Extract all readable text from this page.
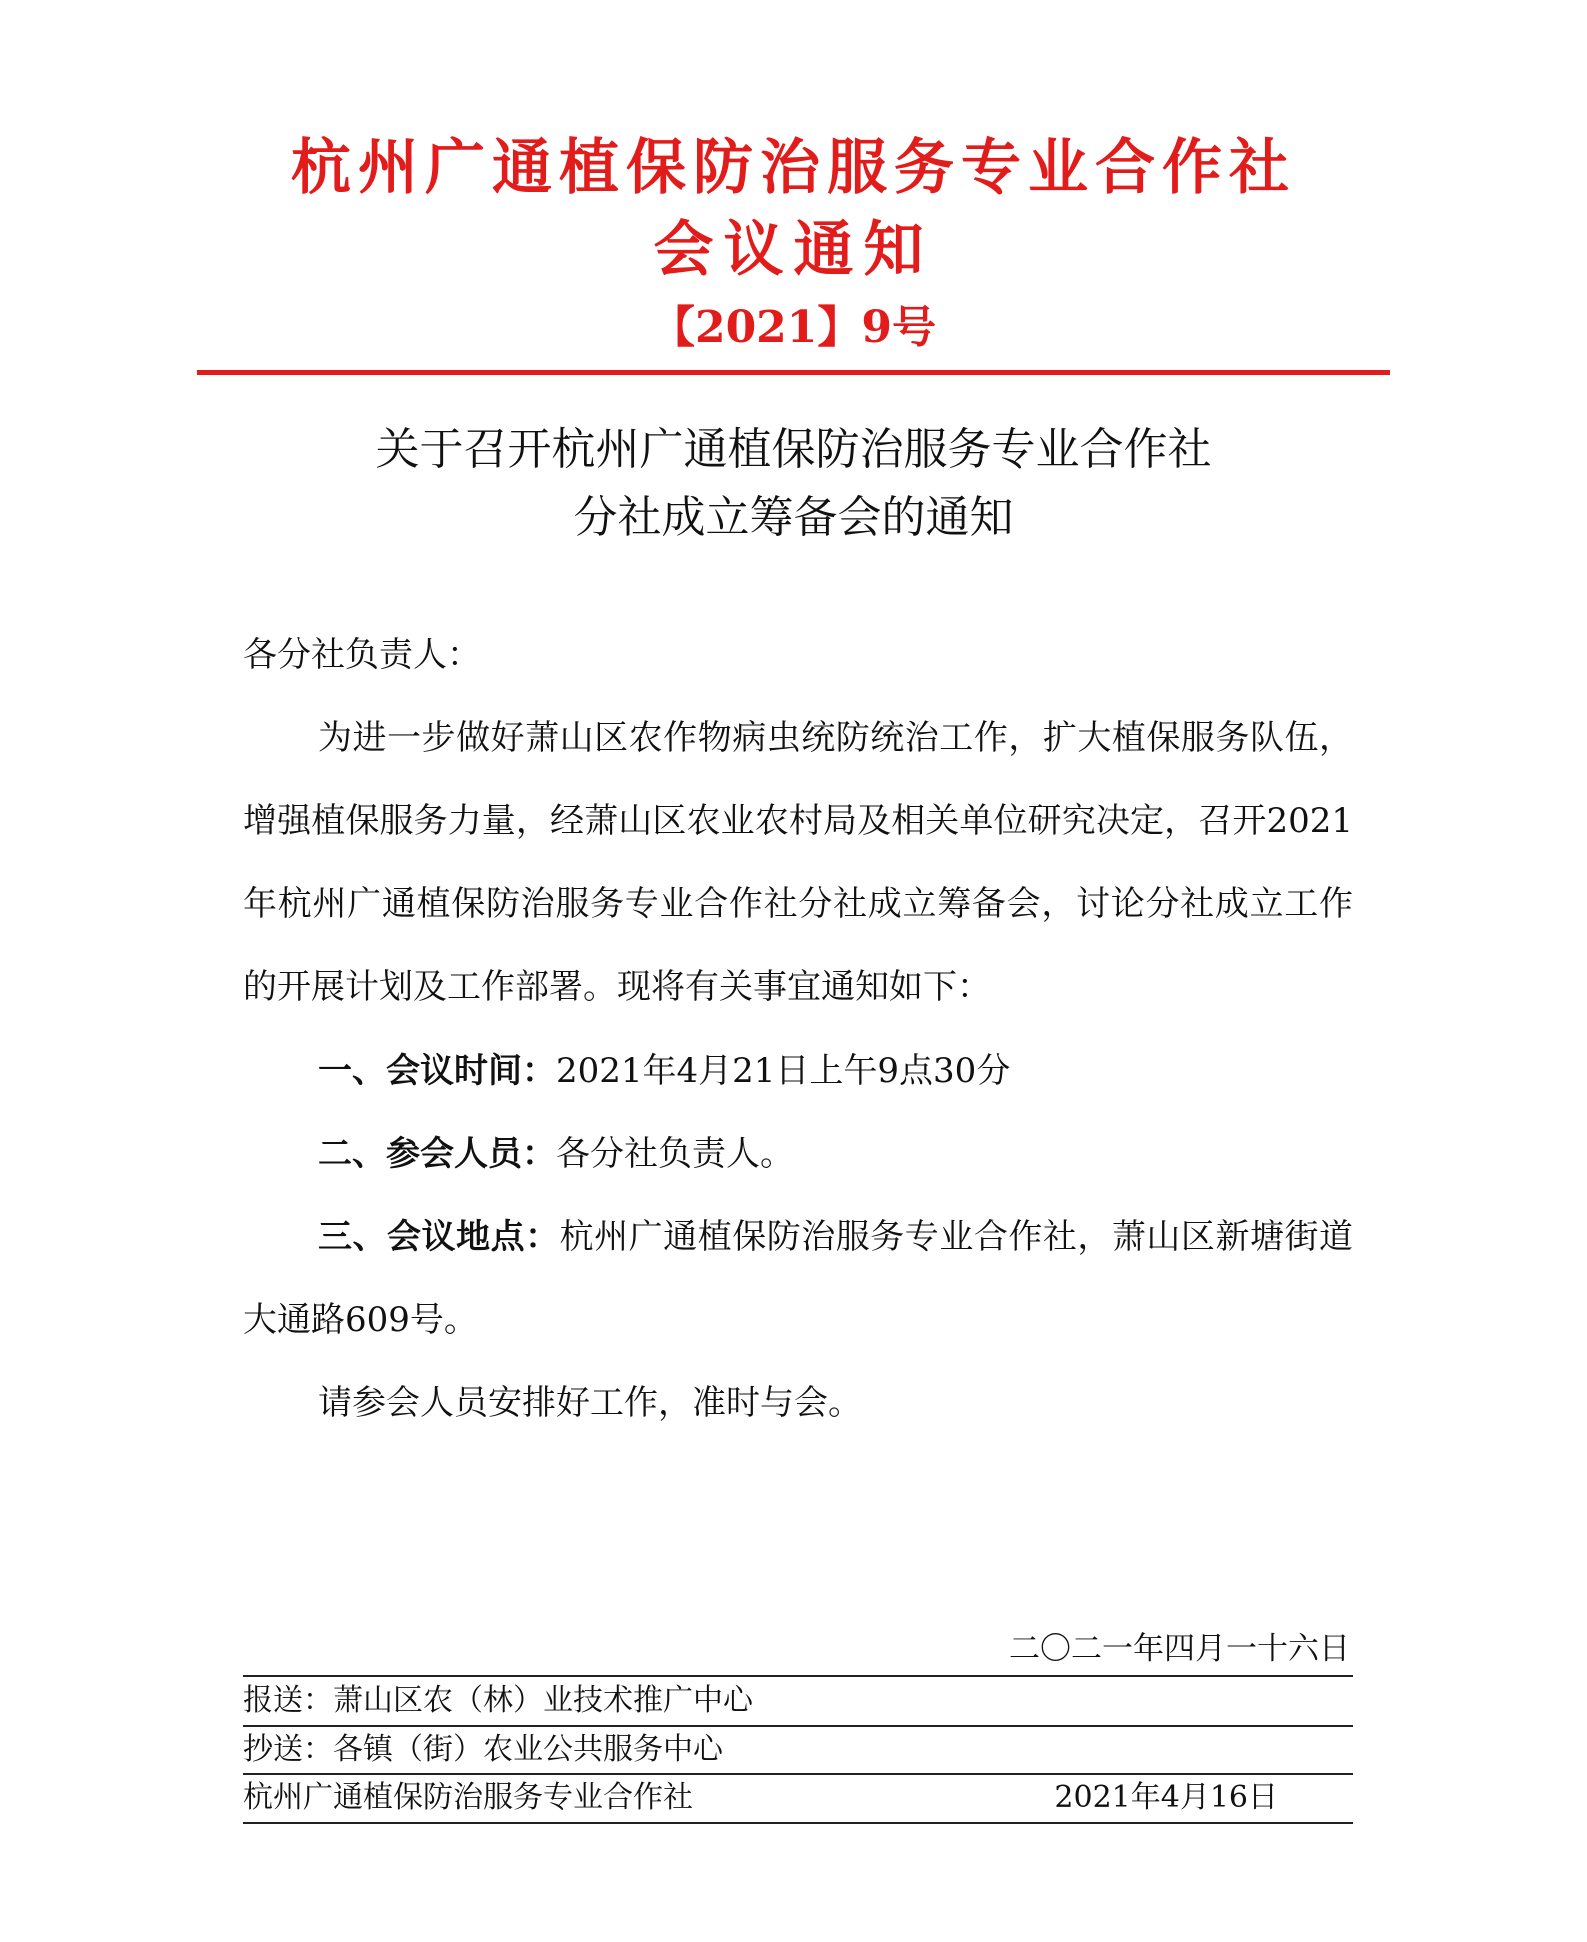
杭州广通植保防治服务专业合作社
会议通知
【2021】9号
关于召开杭州广通植保防治服务专业合作社
分社成立筹备会的通知
各分社负责人：
为进一步做好萧山区农作物病虫统防统治工作，扩大植保服务队伍，增强植保服务力量，经萧山区农业农村局及相关单位研究决定，召开2021年杭州广通植保防治服务专业合作社分社成立筹备会，讨论分社成立工作的开展计划及工作部署。现将有关事宜通知如下：
一、会议时间：2021年4月21日上午9点30分
二、参会人员：各分社负责人。
三、会议地点：杭州广通植保防治服务专业合作社，萧山区新塘街道大通路609号。
请参会人员安排好工作，准时与会。
二〇二一年四月一十六日
报送：萧山区农（林）业技术推广中心
抄送：各镇（街）农业公共服务中心
杭州广通植保防治服务专业合作社	2021年4月16日
